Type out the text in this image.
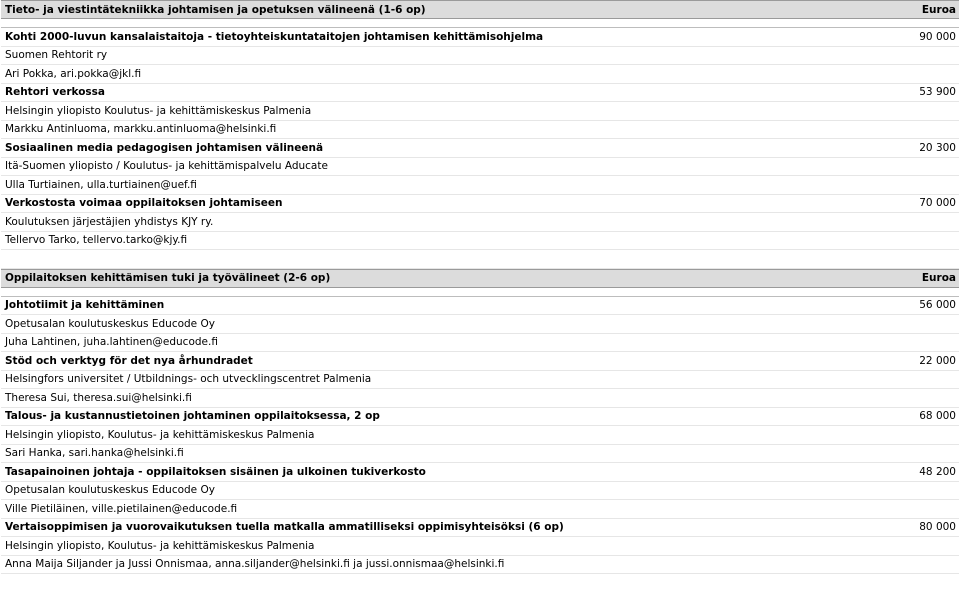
Tieto- ja viestintätekniikka johtamisen ja opetuksen välineenä (1-6 op)	Euroa
Kohti 2000-luvun kansalaistaitoja - tietoyhteiskuntataitojen johtamisen kehittämisohjelma	90 000
Suomen Rehtorit ry
Ari Pokka, ari.pokka@jkl.fi
Rehtori verkossa	53 900
Helsingin yliopisto Koulutus- ja kehittämiskeskus Palmenia
Markku Antinluoma, markku.antinluoma@helsinki.fi
Sosiaalinen media pedagogisen johtamisen välineenä	20 300
Itä-Suomen yliopisto / Koulutus- ja kehittämispalvelu Aducate
Ulla Turtiainen, ulla.turtiainen@uef.fi
Verkostosta voimaa oppilaitoksen johtamiseen	70 000
Koulutuksen järjestäjien yhdistys KJY ry.
Tellervo Tarko, tellervo.tarko@kjy.fi
Oppilaitoksen kehittämisen tuki ja työvälineet (2-6 op)	Euroa
Johtotiimit ja kehittäminen	56 000
Opetusalan koulutuskeskus Educode Oy
Juha Lahtinen, juha.lahtinen@educode.fi
Stöd och verktyg för det nya århundradet	22 000
Helsingfors universitet / Utbildnings- och utvecklingscentret Palmenia
Theresa Sui, theresa.sui@helsinki.fi
Talous- ja kustannustietoinen johtaminen oppilaitoksessa, 2 op	68 000
Helsingin yliopisto, Koulutus- ja kehittämiskeskus Palmenia
Sari Hanka, sari.hanka@helsinki.fi
Tasapainoinen johtaja - oppilaitoksen sisäinen ja ulkoinen tukiverkosto	48 200
Opetusalan koulutuskeskus Educode Oy
Ville Pietiläinen, ville.pietilainen@educode.fi
Vertaisoppimisen ja vuorovaikutuksen tuella matkalla ammatilliseksi oppimisyhteisöksi (6 op)	80 000
Helsingin yliopisto, Koulutus- ja kehittämiskeskus Palmenia
Anna Maija Siljander ja Jussi Onnismaa, anna.siljander@helsinki.fi ja jussi.onnismaa@helsinki.fi
